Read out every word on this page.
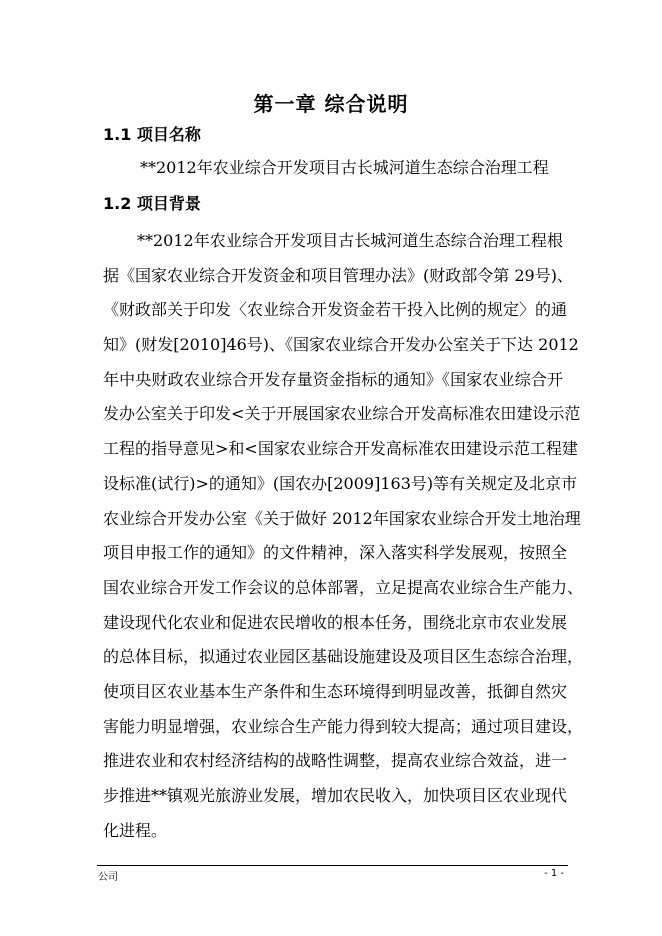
第一章 综合说明
1.1 项目名称
**2012年农业综合开发项目古长城河道生态综合治理工程
1.2 项目背景
**2012年农业综合开发项目古长城河道生态综合治理工程根
据《国家农业综合开发资金和项目管理办法》(财政部令第 29号)、
《财政部关于印发〈农业综合开发资金若干投入比例的规定〉的通
知》(财发[2010]46号)、《国家农业综合开发办公室关于下达 2012
年中央财政农业综合开发存量资金指标的通知》《国家农业综合开
发办公室关于印发<关于开展国家农业综合开发高标准农田建设示范
工程的指导意见>和<国家农业综合开发高标准农田建设示范工程建
设标准(试行)>的通知》(国农办[2009]163号)等有关规定及北京市
农业综合开发办公室《关于做好 2012年国家农业综合开发土地治理
项目申报工作的通知》的文件精神，深入落实科学发展观，按照全
国农业综合开发工作会议的总体部署，立足提高农业综合生产能力、
建设现代化农业和促进农民增收的根本任务，围绕北京市农业发展
的总体目标，拟通过农业园区基础设施建设及项目区生态综合治理，
使项目区农业基本生产条件和生态环境得到明显改善，抵御自然灾
害能力明显增强，农业综合生产能力得到较大提高；通过项目建设，
推进农业和农村经济结构的战略性调整，提高农业综合效益，进一
步推进**镇观光旅游业发展，增加农民收入，加快项目区农业现代
化进程。
公司	- 1 -
